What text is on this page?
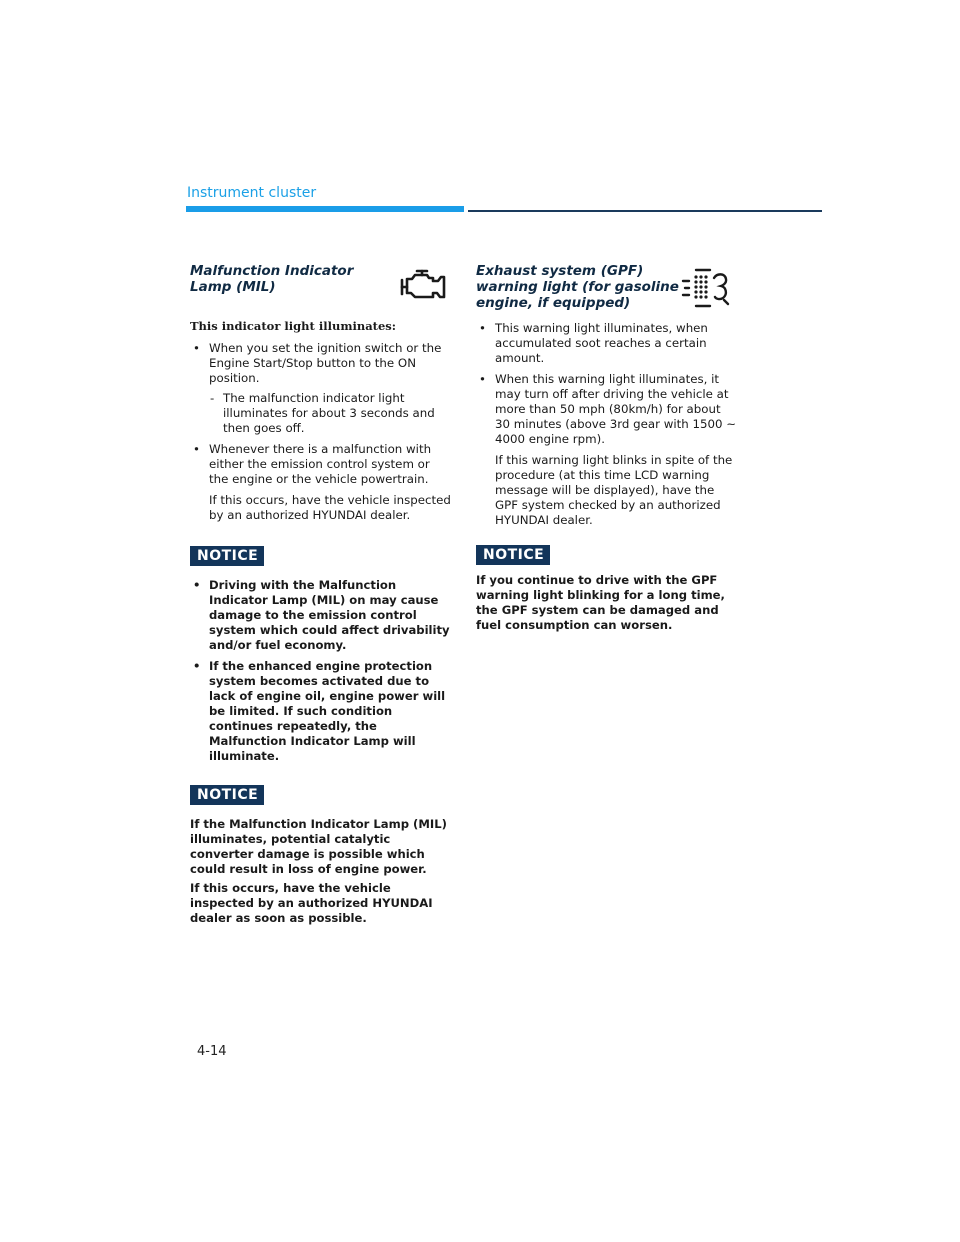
Instrument cluster
Malfunction Indicator Lamp (MIL)
This indicator light illuminates:
• When you set the ignition switch or the Engine Start/Stop button to the ON position.
- The malfunction indicator light illuminates for about 3 seconds and then goes off.
• Whenever there is a malfunction with either the emission control system or the engine or the vehicle powertrain.
If this occurs, have the vehicle inspected by an authorized HYUNDAI dealer.
NOTICE
• Driving with the Malfunction Indicator Lamp (MIL) on may cause damage to the emission control system which could affect drivability and/or fuel economy.
• If the enhanced engine protection system becomes activated due to lack of engine oil, engine power will be limited. If such condition continues repeatedly, the Malfunction Indicator Lamp will illuminate.
NOTICE

If the Malfunction Indicator Lamp (MIL) illuminates, potential catalytic converter damage is possible which could result in loss of engine power.

If this occurs, have the vehicle inspected by an authorized HYUNDAI dealer as soon as possible.

Exhaust system (GPF) warning light (for gasoline engine, if equipped)
• This warning light illuminates, when accumulated soot reaches a certain amount.
• When this warning light illuminates, it may turn off after driving the vehicle at more than 50 mph (80km/h) for about 30 minutes (above 3rd gear with 1500 ~ 4000 engine rpm).
If this warning light blinks in spite of the procedure (at this time LCD warning message will be displayed), have the GPF system checked by an authorized HYUNDAI dealer.
NOTICE

If you continue to drive with the GPF warning light blinking for a long time, the GPF system can be damaged and fuel consumption can worsen.

4-14
